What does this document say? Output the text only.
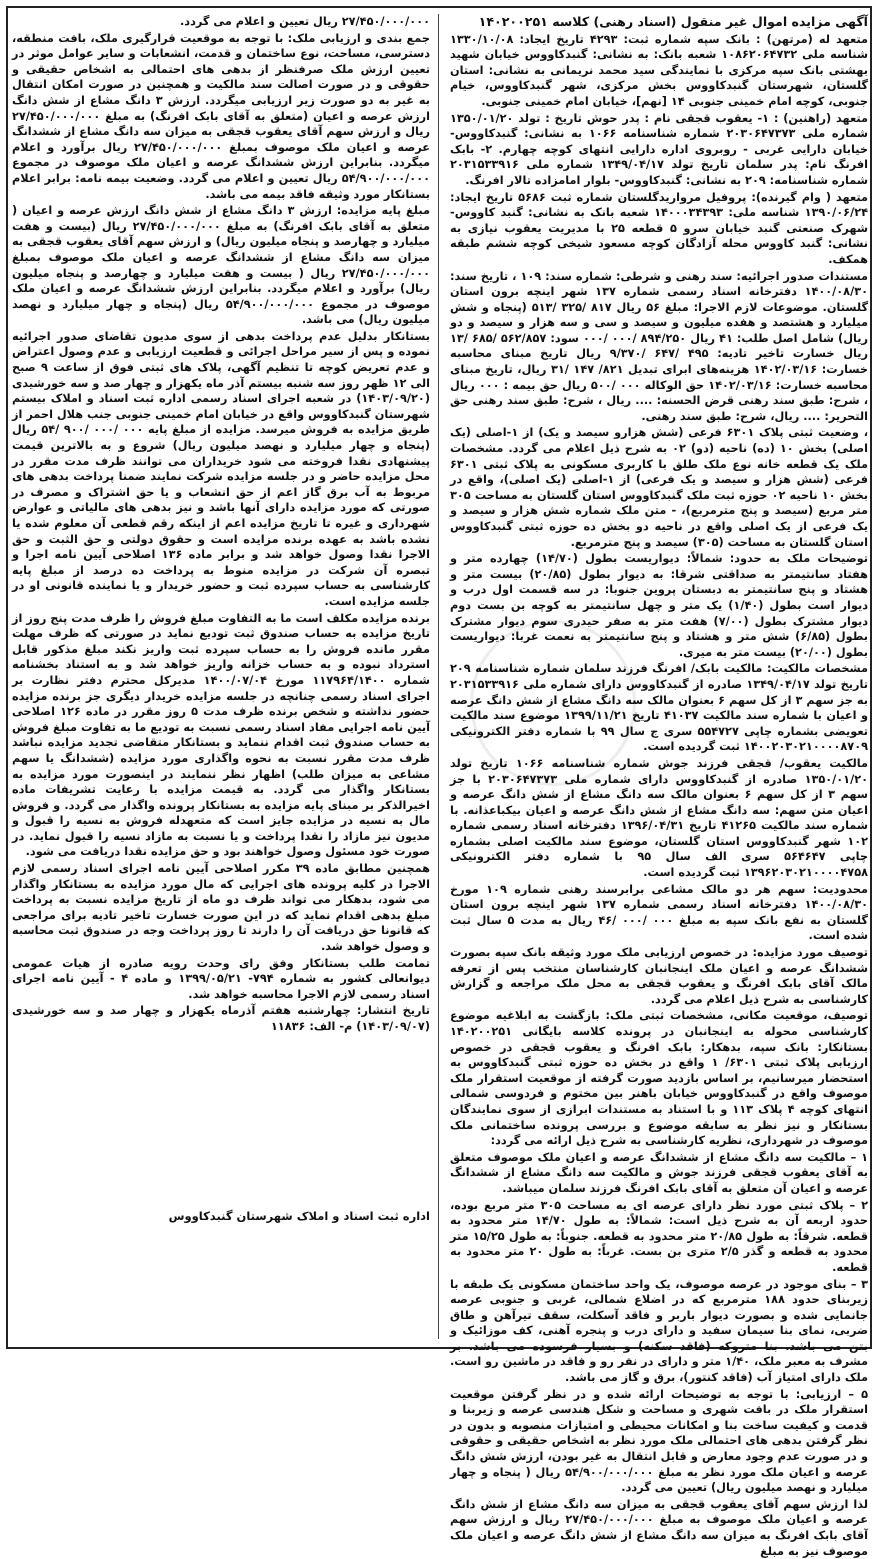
آگهی مزایده اموال غیر منقول (اسناد رهنی) کلاسه ۱۴۰۲۰۰۲۵۱

متعهد له (مرتهن) : بانک سپه شماره ثبت: ۴۲۹۳ تاریخ ایجاد: ۱۳۳۰/۱۰/۰۸ شناسه ملی ۱۰۸۶۲۰۶۴۷۳۲ شعبه بانک: به نشانی: گنبدکاووس خیابان شهید بهشتی بانک سپه مرکزی با نمایندگی سید محمد نریمانی به نشانی: استان گلستان، شهرستان گنبدکاووس بخش مرکزی، شهر گنبدکاووس، خیام جنوبی، کوچه امام خمینی جنوبی ۱۴ [نهم]، خیابان امام خمینی جنوبی.

متعهد (راهنین) : ۱- یعقوب قجقی نام : پدر حوش تاریخ : تولد ۱۳۵۰/۰۱/۲۰ شماره ملی ۲۰۳۰۶۴۷۳۷۳ شماره شناسنامه ۱۰۶۶ به نشانی: گنبدکاووس- خیابان دارایی غربی - روبروی اداره دارایی انتهای کوچه چهارم. ۲- بابک افرنگ نام: پدر سلمان تاریخ تولد ۱۳۴۹/۰۴/۱۷ شماره ملی ۲۰۳۱۵۳۳۹۱۶ شماره شناسنامه: ۲۰۹ به نشانی: گنبدکاووس- بلوار امامزاده تالار افرنگ.

متعهد ( وام گیرنده): پروفیل مرواریدگلستان شماره ثبت ۵۶۸۶ تاریخ ایجاد: ۱۳۹۰/۰۶/۲۴ شناسه ملی: ۱۴۰۰۰۳۴۳۹۳ شعبه بانک به نشانی: گنبد کاووس- شهرک صنعتی گنبد خیابان سرو ۵ قطعه ۲۵ با مدیریت یعقوب نیازی به نشانی: گنبد کاووس محله آزادگان کوچه مسعود شیخی کوچه ششم طبقه همکف.

مستندات صدور اجرائیه: سند رهنی و شرطی: شماره سند: ۱۰۹ ، تاریخ سند: ۱۴۰۰/۰۸/۳۰ دفترخانه اسناد رسمی شماره ۱۳۷ شهر اینچه برون استان گلستان. موضوعات لازم الاجرا: مبلغ ۵۶ ریال ۸۱۷ /۳۲۵ /۵۱۳ (پنجاه و شش میلیارد و هشتصد و هفده میلیون و سیصد و سی و سه هزار و سیصد و دو ریال) شامل اصل طلب: ۴۱ ریال ۸۹۴/۲۵۰ /۰۰۰ /۰۰۰ سود: ۵۶۲/۸۵۷ /۶۸۵ /۱۳ ریال خسارت تاخیر تادیه: ۴۹۵ /۶۴۷ /۹/۳۷۰ ریال تاریخ مبنای محاسبه خسارت: ۱۴۰۲/۰۳/۱۶ هزینه‌های ابرای تبدیل ۸۲۱/ ۱۴۷ /۳۱ ریال، تاریخ مبنای محاسبه خسارت: ۱۴۰۲/۰۳/۱۶ حق الوکاله ۰۰۰ /۵۰۰ ریال حق بیمه : ۰۰۰ ریال ، شرح: طبق سند رهنی قرض الحسنه: .... ریال ، شرح: طبق سند رهنی حق التحریر: .... ریال، شرح: طبق سند رهنی.

، وضعیت ثبتی پلاک ۶۳۰۱ فرعی (شش هزارو سیصد و یک) از ۱-اصلی (یک اصلی) بخش ۱۰ (ده) ناحیه (دو) ۰۲ به شرح ذیل اعلام می گردد. مشخصات ملک یک قطعه خانه نوع ملک طلق با کاربری مسکونی به پلاک ثبتی ۶۳۰۱ فرعی (شش هزار و سیصد و یک فرعی) از ۱-اصلی (یک اصلی)، واقع در بخش ۱۰ ناحیه ۰۲ حوزه ثبت ملک گنبدکاووس استان گلستان به مساحت ۳۰۵ متر مربع (سیصد و پنج مترمربع)، - متن ملک شماره شش هزار و سیصد و یک فرعی از یک اصلی واقع در ناحیه دو بخش ده حوزه ثبتی گنبدکاووس استان گلستان به مساحت (۳۰۵) سیصد و پنج مترمربع.

توضیحات ملک به حدود: شمالاً: دیواریست بطول (۱۴/۷۰) چهارده متر و هفتاد سانتیمتر به صداقتی شرقا: به دیوار بطول (۲۰/۸۵) بیست متر و هشتاد و پنج سانتیمتر به دبستان پروین جنوبا: در سه قسمت اول درب و دیوار است بطول (۱/۴۰) یک متر و چهل سانتیمتر به کوچه بن بست دوم دیوار مشترک بطول (۷/۰۰) هفت متر به صفر حیدری سوم دیوار مشترک بطول (۶/۸۵) شش متر و هشتاد و پنج سانتیمتر به نعمت غربا: دیواریست بطول (۲۰/۰۰) بیست متر به میری.

مشخصات مالکیت: مالکیت بابک/ افرنگ فرزند سلمان شماره شناسنامه ۲۰۹ تاریخ تولد ۱۳۴۹/۰۴/۱۷ صادره از گنبدکاووس دارای شماره ملی ۲۰۳۱۵۳۳۹۱۶ به جز سهم ۳ از کل سهم ۶ بعنوان مالک سه دانگ مشاع از شش دانگ عرصه و اعیان با شماره سند مالکیت ۴۱۰۳۷ تاریخ ۱۳۹۹/۱۱/۲۱ موضوع سند مالکیت تعویضی بشماره چاپی ۵۵۴۷۲۷ سری ج سال ۹۹ با شماره دفتر الکترونیکی ۱۴۰۰۲۰۳۰۲۱۰۰۰۰۸۷۰۹ ثبت گردیده است.

مالکیت یعقوب/ قجقی فرزند جوش شماره شناسنامه ۱۰۶۶ تاریخ تولد ۱۳۵۰/۰۱/۲۰ صادره از گنبدکاووس دارای شماره ملی ۲۰۳۰۶۴۷۳۷۳ با جز سهم ۳ از کل سهم ۶ بعنوان مالک سه دانگ مشاع از شش دانگ عرصه و اعیان متن سهم: سه دانگ مشاع از شش دانگ عرصه و اعیان بیکباعذانه. با شماره سند مالکیت ۴۱۲۶۵ تاریخ ۱۳۹۶/۰۴/۳۱ دفترخانه اسناد رسمی شماره ۱۰۲ شهر گنبدکاووس استان گلستان، موضوع سند مالکیت اصلی بشماره چاپی ۵۶۴۶۴۷ سری الف سال ۹۵ با شماره دفتر الکترونیکی ۱۳۹۶۲۰۳۰۲۱۰۰۰۰۴۷۵۸ ثبت گردیده است.

محدودیت: سهم هر دو مالک مشاعی برابرسند رهنی شماره ۱۰۹ مورخ ۱۴۰۰/۰۸/۳۰ دفترخانه اسناد رسمی شماره ۱۳۷ شهر اینچه برون استان گلستان به نفع بانک سپه به مبلغ ۰۰۰ /۰۰۰ /۴۶ ریال به مدت ۵ سال ثبت شده است.

توصیف مورد مزایده: در خصوص ارزیابی ملک مورد وثیقه بانک سپه بصورت ششدانگ عرصه و اعیان ملک اینجانبان کارشناسان منتخب پس از تعرفه مالک آقای بابک افرنگ و یعقوب قجقی به محل ملک مراجعه و گزارش کارشناسی به شرح ذیل اعلام می گردد.

توصیف، موقعیت مکانی، مشخصات ثبتی ملک: بازگشت به ابلاغیه موضوع کارشناسی محوله به اینجانبان در پرونده کلاسه بایگانی ۱۴۰۲۰۰۲۵۱ بستانکار: بانک سپه، بدهکار: بابک افرنگ و یعقوب قجقی در خصوص ارزیابی پلاک ثبتی ۶۳۰۱/ ۱ واقع در بخش ده حوزه ثبتی گنبدکاووس به استحضار میرسانیم، بر اساس بازدید صورت گرفته از موقعیت استقرار ملک موصوف واقع در گنبدکاووس خیابان باهنر بین مختوم و فردوسی شمالی انتهای کوچه ۴ پلاک ۱۱۳ و با استناد به مستندات ابرازی از سوی نمایندگان بستانکار و نیز نظر به سابقه موضوع و بررسی پرونده ساختمانی ملک موصوف در شهرداری، نظریه کارشناسی به شرح ذیل ارائه می گردد:

۱ – مالکیت سه دانگ مشاع از ششدانگ عرصه و اعیان ملک موصوف متعلق به آقای یعقوب قجقی فرزند جوش و مالکیت سه دانگ مشاع از ششدانگ عرصه و اعیان آن متعلق به آقای بابک افرنگ فرزند سلمان میباشد.

۲ – پلاک ثبتی مورد نظر دارای عرصه ای به مساحت ۳۰۵ متر مربع بوده، حدود اربعه آن به شرح ذیل است: شمالاً: به طول ۱۴/۷۰ متر محدود به قطعه. شرقاً: به طول ۲۰/۸۵ متر محدود به قطعه. جنوباً: به طول ۱۵/۲۵ متر محدود به قطعه و گذر ۲/۵ متری بن بست. غرباً: به طول ۲۰ متر محدود به قطعه.

۳ – بنای موجود در عرصه موصوف، یک واحد ساختمان مسکونی یک طبقه با زیربنای حدود ۱۸۸ مترمربع که در اضلاع شمالی، غربی و جنوبی عرصه جانمایی شده و بصورت دیوار باربر و فاقد آسکلت، سقف تیرآهن و طاق ضربی، نمای بنا سیمان سفید و دارای درب و پنجره آهنی، کف موزائیک و بتن می باشد. بنا متروکه (فاقد سکنه) و بسیار فرسوده می باشد. بر مشرف به معبر ملک، ۱/۴۰ متر و دارای در نفر رو و فاقد در ماشین رو است. ملک دارای امتیاز آب (فاقد کنتور)، برق و گاز می باشد.

۵ – ارزیابی: با توجه به توضیحات ارائه شده و در نظر گرفتن موقعیت استقرار ملک در بافت شهری و مساحت و شکل هندسی عرصه و زیربنا و قدمت و کیفیت ساخت بنا و امکانات محیطی و امتیازات منصوبه و بدون در نظر گرفتن بدهی های احتمالی ملک مورد نظر به اشخاص حقیقی و حقوقی و در صورت عدم وجود معارض و قابل انتقال به غیر بودن، ارزش شش دانگ عرصه و اعیان ملک مورد نظر به مبلغ ۵۴/۹۰۰/۰۰۰/۰۰۰ ریال ( پنجاه و چهار میلیارد و نهصد میلیون ریال) تعیین می گردد.

لذا ارزش سهم آقای یعقوب قجقی به میزان سه دانگ مشاع از شش دانگ عرصه و اعیان ملک موصوف به مبلغ ۲۷/۴۵۰/۰۰۰/۰۰۰ ریال و ارزش سهم آقای بابک افرنگ به میزان سه دانگ مشاع از شش دانگ عرصه و اعیان ملک موصوف نیز به مبلغ

۲۷/۴۵۰/۰۰۰/۰۰۰ ریال تعیین و اعلام می گردد.

جمع بندی و ارزیابی ملک: با توجه به موقعیت قرارگیری ملک، بافت منطقه، دسترسی، مساحت، نوع ساختمان و قدمت، انشعابات و سایر عوامل موثر در تعیین ارزش ملک صرفنظر از بدهی های احتمالی به اشخاص حقیقی و حقوقی و در صورت اصالت سند مالکیت و همچنین در صورت امکان انتقال به غیر به دو صورت زیر ارزیابی میگردد. ارزش ۳ دانگ مشاع از شش دانگ ارزش عرصه و اعیان (متعلق به آقای بابک افرنگ) به مبلغ ۲۷/۴۵۰/۰۰۰/۰۰۰ ریال و ارزش سهم آقای یعقوب قجقی به میزان سه دانگ مشاع از ششدانگ عرصه و اعیان ملک موصوف بمبلغ ۲۷/۴۵۰/۰۰۰/۰۰۰ ریال برآورد و اعلام میگردد. بنابراین ارزش ششدانگ عرصه و اعیان ملک موصوف در مجموع ۵۴/۹۰۰/۰۰۰/۰۰۰ ریال تعیین و اعلام می گردد. وضعیت بیمه نامه: برابر اعلام بستانکار مورد وثیقه فاقد بیمه می باشد.

مبلغ پایه مزایده: ارزش ۳ دانگ مشاع از شش دانگ ارزش عرصه و اعیان ( متعلق به آقای بابک افرنگ) به مبلغ ۲۷/۴۵۰/۰۰۰/۰۰۰ ریال (بیست و هفت میلیارد و چهارصد و پنجاه میلیون ریال) و ارزش سهم آقای یعقوب قجقی به میزان سه دانگ مشاع از ششدانگ عرصه و اعیان ملک موصوف بمبلغ ۲۷/۴۵۰/۰۰۰/۰۰۰ ریال ( بیست و هفت میلیارد و چهارصد و پنجاه میلیون ریال) برآورد و اعلام میگردد. بنابراین ارزش ششدانگ عرصه و اعیان ملک موصوف در مجموع ۵۴/۹۰۰/۰۰۰/۰۰۰ ریال (پنجاه و چهار میلیارد و نهصد میلیون ریال) می باشد.

بستانکار بدلیل عدم پرداخت بدهی از سوی مدیون تقاضای صدور اجرائیه نموده و پس از سیر مراحل اجرائی و قطعیت ارزیابی و عدم وصول اعتراض و عدم تعریض کوچه تا تنظیم آگهی، پلاک های ثبتی فوق از ساعت ۹ صبح الی ۱۲ ظهر روز سه شنبه بیستم آذر ماه یکهزار و چهار صد و سه خورشیدی (۱۴۰۳/۰۹/۲۰) در شعبه اجرای اسناد رسمی اداره ثبت اسناد و املاک بیستم شهرستان گنبدکاووس واقع در خیابان امام خمینی جنوبی جنب هلال احمر از طریق مزایده به فروش میرسد. مزایده از مبلغ پایه ۰۰۰ /۰۰۰ /۹۰۰ /۵۴ ریال (پنجاه و چهار میلیارد و نهصد میلیون ریال) شروع و به بالاترین قیمت پیشنهادی نقدا فروخته می شود خریداران می توانند ظرف مدت مقرر در محل مزایده حاضر و در جلسه مزایده شرکت نمایند ضمنا پرداخت بدهی های مربوط به آب برق گاز اعم از حق انشعاب و یا حق اشتراک و مصرف در صورتی که مورد مزایده دارای آنها باشد و نیز بدهی های مالیاتی و عوارض شهرداری و غیره تا تاریخ مزایده اعم از اینکه رقم قطعی آن معلوم شده یا نشده باشد به عهده برنده مزایده است و حقوق دولتی و حق الثبت و حق الاجرا نقدا وصول خواهد شد و برابر ماده ۱۳۶ اصلاحی آیین نامه اجرا و تبصره آن شرکت در مزایده منوط به پرداخت ده درصد از مبلغ پایه کارشناسی به حساب سپرده ثبت و حضور خریدار و یا نماینده قانونی او در جلسه مزایده است.

برنده مزایده مکلف است ما به التفاوت مبلغ فروش را ظرف مدت پنج روز از تاریخ مزایده به حساب صندوق ثبت تودیع نماید در صورتی که ظرف مهلت مقرر مانده فروش را به حساب سپرده ثبت واریز نکند مبلغ مذکور قابل استرداد نبوده و به حساب خزانه واریز خواهد شد و به استناد بخشنامه شماره ۱۱۷۹۶۴/۱۴۰۰ مورخ ۱۴۰۰/۰۷/۰۴ مدیرکل محترم دفتر نظارت بر اجرای اسناد رسمی چنانچه در جلسه مزایده خریدار دیگری جز برنده مزایده حضور نداشته و شخص برنده ظرف مدت ۵ روز مقرر در ماده ۱۲۶ اصلاحی آیین نامه اجرایی مفاد اسناد رسمی نسبت به تودیع ما به تفاوت مبلغ فروش به حساب صندوق ثبت اقدام ننماید و بستانکار متقاضی تجدید مزایده نباشد ظرف مدت مقرر نسبت به نحوه واگذاری مورد مزایده (ششدانگ یا سهم مشاعی به میزان طلب) اظهار نظر ننمایند در اینصورت مورد مزایده به بستانکار واگذار می گردد. به قیمت مزایده با رعایت تشریفات ماده اخیرالذکر بر مبنای پایه مزایده به بستانکار پرونده واگذار می گردد. و فروش مال به نسیه در مزایده جایز است که متعهدله فروش به نسیه را قبول و مدیون نیز مازاد را نقدا پرداخت و یا نسبت به مازاد نسیه را قبول نماید. در صورت خود مسئول وصول خواهند بود و حق مزایده نقدا دریافت می شود.

همچنین مطابق ماده ۳۹ مکرر اصلاحی آیین نامه اجرای اسناد رسمی لازم الاجرا در کلیه پرونده های اجرایی که مال مورد مزایده به بستانکار واگذار می شود، بدهکار می تواند ظرف دو ماه از تاریخ مزایده نسبت به پرداخت مبلغ بدهی اقدام نماید که در این صورت خسارت تاخیر تادیه برای مراجعی که قانونا حق دریافت آن را دارند تا روز پرداخت وجه در صندوق ثبت محاسبه و وصول خواهد شد.

تمامت طلب بستانکار وفق رای وحدت رویه صادره از هیات عمومی دیوانعالی کشور به شماره ۷۹۴- ۱۳۹۹/۰۵/۲۱ و ماده ۴ - آیین نامه اجرای اسناد رسمی لازم الاجرا محاسبه خواهد شد.

تاریخ انتشار: چهارشنبه هفتم آذرماه یکهزار و چهار صد و سه خورشیدی (۱۴۰۳/۰۹/۰۷) م- الف: ۱۱۸۳۶

اداره ثبت اسناد و املاک شهرستان گنبدکاووس
